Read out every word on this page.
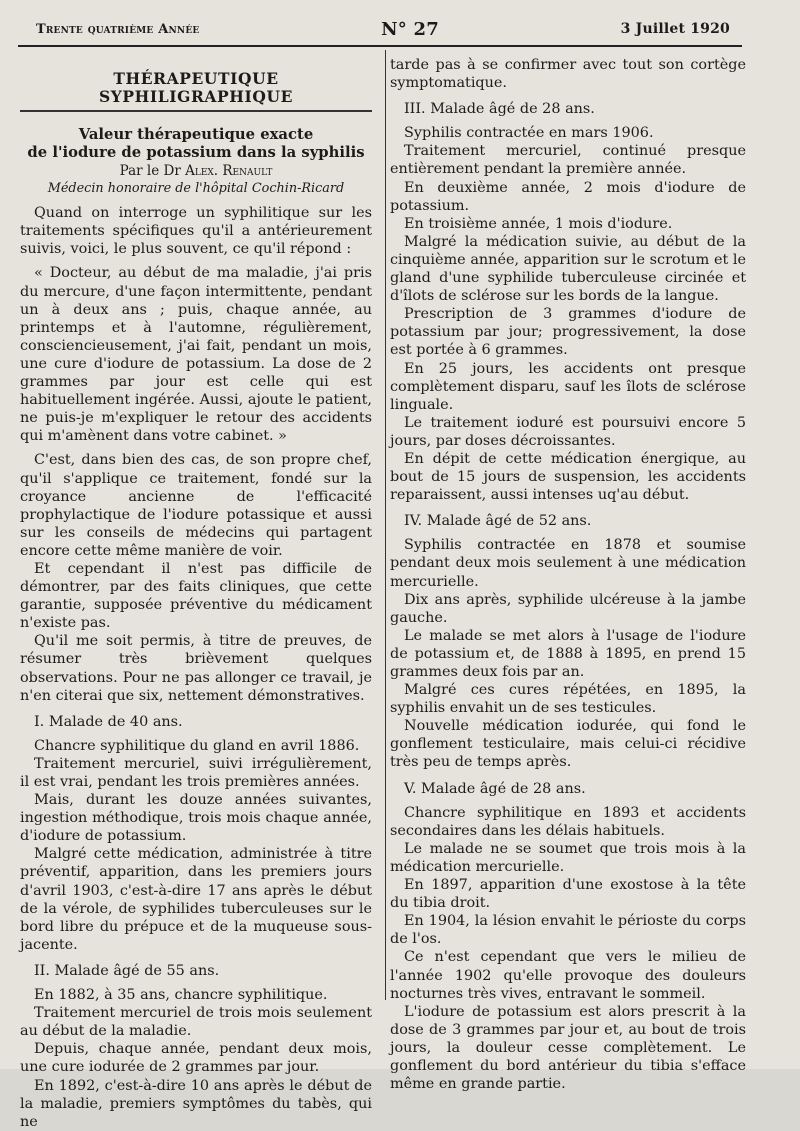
Trente quatrième Année	N° 27	3 Juillet 1920
THÉRAPEUTIQUE SYPHILIGRAPHIQUE
Valeur thérapeutique exacte
de l'iodure de potassium dans la syphilis
Par le Dr Alex. Renault
Médecin honoraire de l'hôpital Cochin-Ricard

Quand on interroge un syphilitique sur les traitements spécifiques qu'il a antérieurement suivis, voici, le plus souvent, ce qu'il répond :

« Docteur, au début de ma maladie, j'ai pris du mercure, d'une façon intermittente, pendant un à deux ans ; puis, chaque année, au printemps et à l'automne, régulièrement, consciencieusement, j'ai fait, pendant un mois, une cure d'iodure de potassium. La dose de 2 grammes par jour est celle qui est habituellement ingérée. Aussi, ajoute le patient, ne puis-je m'expliquer le retour des accidents qui m'amènent dans votre cabinet. »

C'est, dans bien des cas, de son propre chef, qu'il s'applique ce traitement, fondé sur la croyance ancienne de l'efficacité prophylactique de l'iodure potassique et aussi sur les conseils de médecins qui partagent encore cette même manière de voir.

Et cependant il n'est pas difficile de démontrer, par des faits cliniques, que cette garantie, supposée préventive du médicament n'existe pas.

Qu'il me soit permis, à titre de preuves, de résumer très brièvement quelques observations. Pour ne pas allonger ce travail, je n'en citerai que six, nettement démonstratives.

I. Malade de 40 ans.

Chancre syphilitique du gland en avril 1886.

Traitement mercuriel, suivi irrégulièrement, il est vrai, pendant les trois premières années.

Mais, durant les douze années suivantes, ingestion méthodique, trois mois chaque année, d'iodure de potassium.

Malgré cette médication, administrée à titre préventif, apparition, dans les premiers jours d'avril 1903, c'est-à-dire 17 ans après le début de la vérole, de syphilides tuberculeuses sur le bord libre du prépuce et de la muqueuse sous-jacente.

II. Malade âgé de 55 ans.

En 1882, à 35 ans, chancre syphilitique.

Traitement mercuriel de trois mois seulement au début de la maladie.

Depuis, chaque année, pendant deux mois, une cure iodurée de 2 grammes par jour.

En 1892, c'est-à-dire 10 ans après le début de la maladie, premiers symptômes du tabès, qui ne

tarde pas à se confirmer avec tout son cortège symptomatique.

III. Malade âgé de 28 ans.

Syphilis contractée en mars 1906.

Traitement mercuriel, continué presque entièrement pendant la première année.

En deuxième année, 2 mois d'iodure de potassium.

En troisième année, 1 mois d'iodure.

Malgré la médication suivie, au début de la cinquième année, apparition sur le scrotum et le gland d'une syphilide tuberculeuse circinée et d'îlots de sclérose sur les bords de la langue.

Prescription de 3 grammes d'iodure de potassium par jour; progressivement, la dose est portée à 6 grammes.

En 25 jours, les accidents ont presque complètement disparu, sauf les îlots de sclérose linguale.

Le traitement ioduré est poursuivi encore 5 jours, par doses décroissantes.

En dépit de cette médication énergique, au bout de 15 jours de suspension, les accidents reparaissent, aussi intenses uq'au début.

IV. Malade âgé de 52 ans.

Syphilis contractée en 1878 et soumise pendant deux mois seulement à une médication mercurielle.

Dix ans après, syphilide ulcéreuse à la jambe gauche.

Le malade se met alors à l'usage de l'iodure de potassium et, de 1888 à 1895, en prend 15 grammes deux fois par an.

Malgré ces cures répétées, en 1895, la syphilis envahit un de ses testicules.

Nouvelle médication iodurée, qui fond le gonflement testiculaire, mais celui-ci récidive très peu de temps après.

V. Malade âgé de 28 ans.

Chancre syphilitique en 1893 et accidents secondaires dans les délais habituels.

Le malade ne se soumet que trois mois à la médication mercurielle.

En 1897, apparition d'une exostose à la tête du tibia droit.

En 1904, la lésion envahit le périoste du corps de l'os.

Ce n'est cependant que vers le milieu de l'année 1902 qu'elle provoque des douleurs nocturnes très vives, entravant le sommeil.

L'iodure de potassium est alors prescrit à la dose de 3 grammes par jour et, au bout de trois jours, la douleur cesse complètement. Le gonflement du bord antérieur du tibia s'efface même en grande partie.
